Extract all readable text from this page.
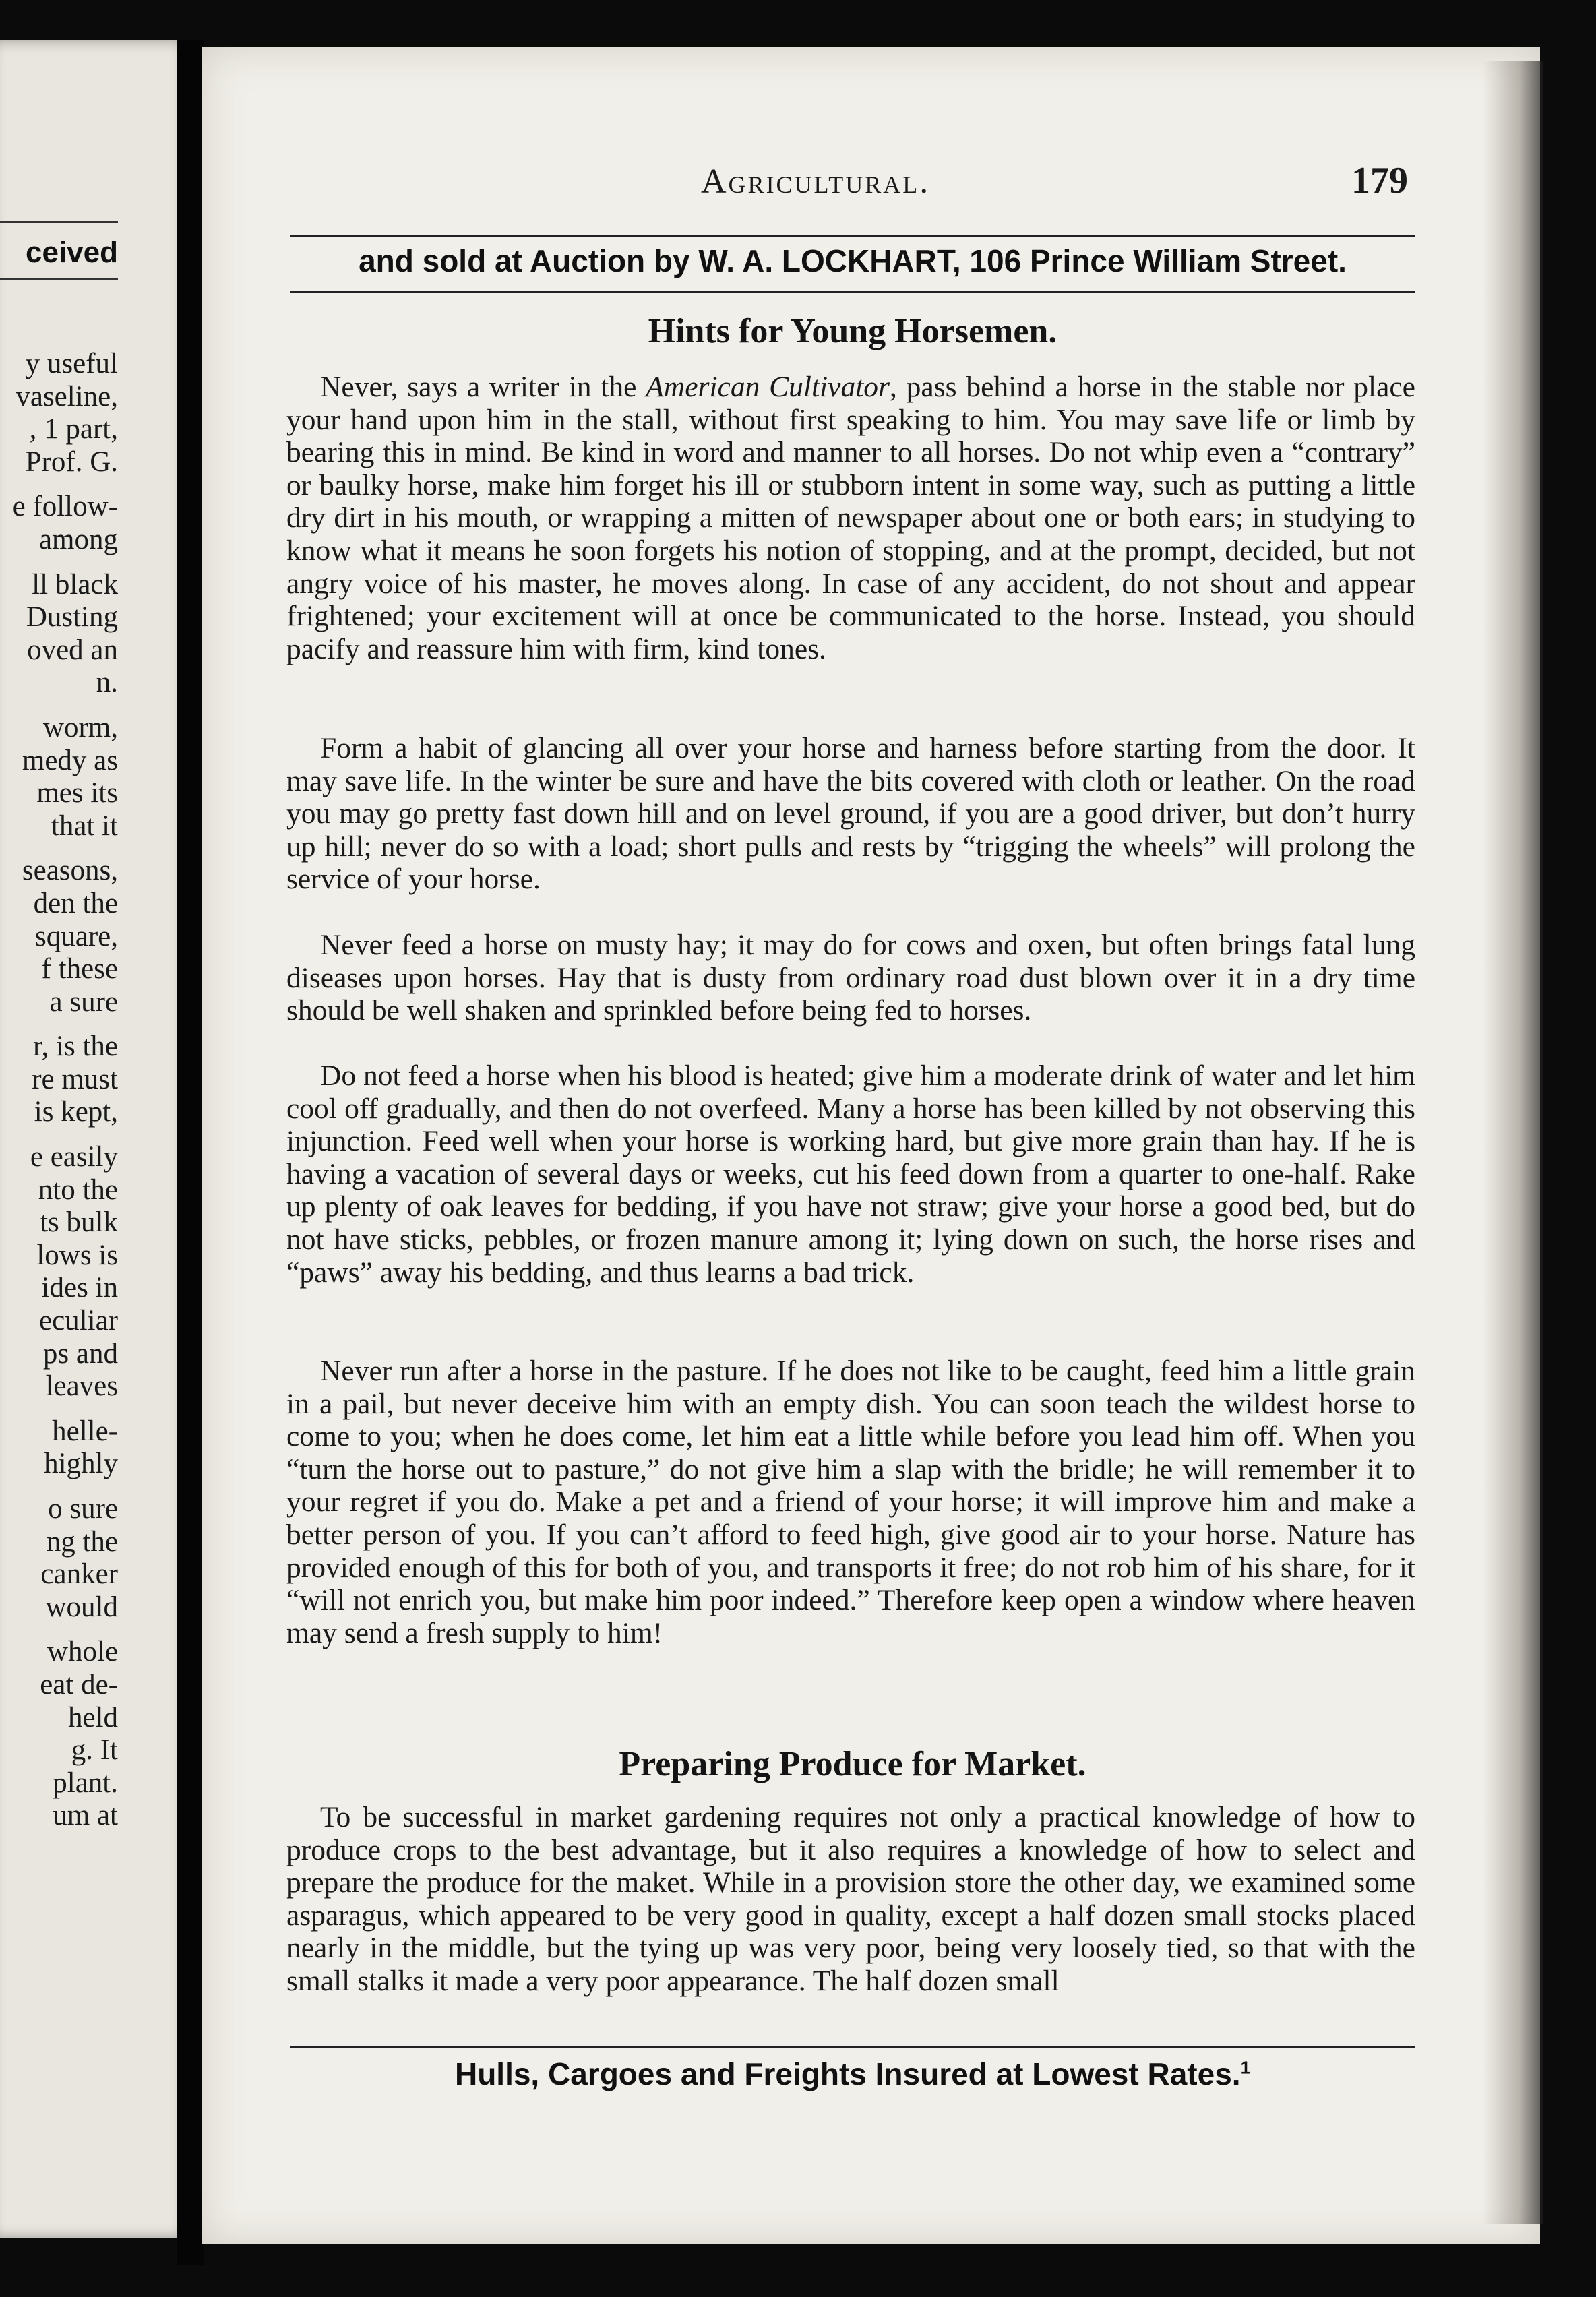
ceived
y useful
vaseline,
, 1 part,
Prof. G.
e follow-
among
ll black
Dusting
oved an
n.
worm,
medy as
mes its
that it
seasons,
den the
square,
f these
a sure
r, is the
re must
is kept,
e easily
nto the
ts bulk
lows is
ides in
eculiar
ps and
leaves
helle-
highly
o sure
ng the
canker
would
whole
eat de-
held
g. It
plant.
um at
Agricultural.	179
and sold at Auction by W. A. LOCKHART, 106 Prince William Street.
Hints for Young Horsemen.

Never, says a writer in the American Cultivator, pass behind a horse in the stable nor place your hand upon him in the stall, without first speaking to him. You may save life or limb by bearing this in mind. Be kind in word and manner to all horses. Do not whip even a “contrary” or baulky horse, make him forget his ill or stubborn intent in some way, such as putting a little dry dirt in his mouth, or wrapping a mitten of newspaper about one or both ears; in studying to know what it means he soon forgets his notion of stopping, and at the prompt, decided, but not angry voice of his master, he moves along. In case of any accident, do not shout and appear frightened; your excitement will at once be communicated to the horse. Instead, you should pacify and reassure him with firm, kind tones.

Form a habit of glancing all over your horse and harness before starting from the door. It may save life. In the winter be sure and have the bits covered with cloth or leather. On the road you may go pretty fast down hill and on level ground, if you are a good driver, but don’t hurry up hill; never do so with a load; short pulls and rests by “trigging the wheels” will prolong the service of your horse.

Never feed a horse on musty hay; it may do for cows and oxen, but often brings fatal lung diseases upon horses. Hay that is dusty from ordinary road dust blown over it in a dry time should be well shaken and sprinkled before being fed to horses.

Do not feed a horse when his blood is heated; give him a moderate drink of water and let him cool off gradually, and then do not overfeed. Many a horse has been killed by not observing this injunction. Feed well when your horse is working hard, but give more grain than hay. If he is having a vacation of several days or weeks, cut his feed down from a quarter to one-half. Rake up plenty of oak leaves for bedding, if you have not straw; give your horse a good bed, but do not have sticks, pebbles, or frozen manure among it; lying down on such, the horse rises and “paws” away his bedding, and thus learns a bad trick.

Never run after a horse in the pasture. If he does not like to be caught, feed him a little grain in a pail, but never deceive him with an empty dish. You can soon teach the wildest horse to come to you; when he does come, let him eat a little while before you lead him off. When you “turn the horse out to pasture,” do not give him a slap with the bridle; he will remember it to your regret if you do. Make a pet and a friend of your horse; it will improve him and make a better person of you. If you can’t afford to feed high, give good air to your horse. Nature has provided enough of this for both of you, and transports it free; do not rob him of his share, for it “will not enrich you, but make him poor indeed.” Therefore keep open a window where heaven may send a fresh supply to him!

Preparing Produce for Market.

To be successful in market gardening requires not only a practical knowledge of how to produce crops to the best advantage, but it also requires a knowledge of how to select and prepare the produce for the maket. While in a provision store the other day, we examined some asparagus, which appeared to be very good in quality, except a half dozen small stocks placed nearly in the middle, but the tying up was very poor, being very loosely tied, so that with the small stalks it made a very poor appearance. The half dozen small

Hulls, Cargoes and Freights Insured at Lowest Rates.$^1$
